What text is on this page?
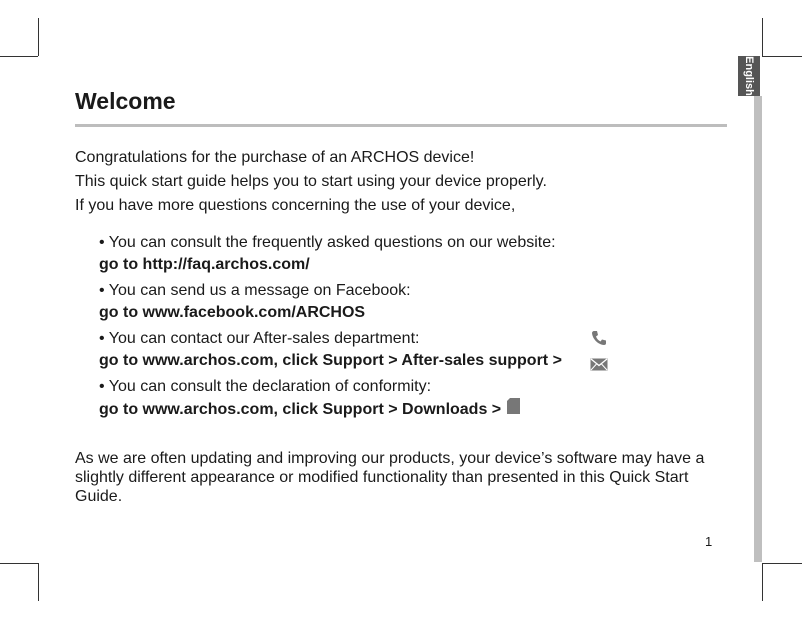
English
Welcome
Congratulations for the purchase of an ARCHOS device!
This quick start guide helps you to start using your device properly.
If you have more questions concerning the use of your device,
• You can consult the frequently asked questions on our website:
go to http://faq.archos.com/
• You can send us a message on Facebook:
go to www.facebook.com/ARCHOS
• You can contact our After-sales department:
go to www.archos.com, click Support > After-sales support >
• You can consult the declaration of conformity:
go to www.archos.com, click Support > Downloads >
As we are often updating and improving our products, your device’s software may have a slightly different appearance or modified functionality than presented in this Quick Start Guide.
1
